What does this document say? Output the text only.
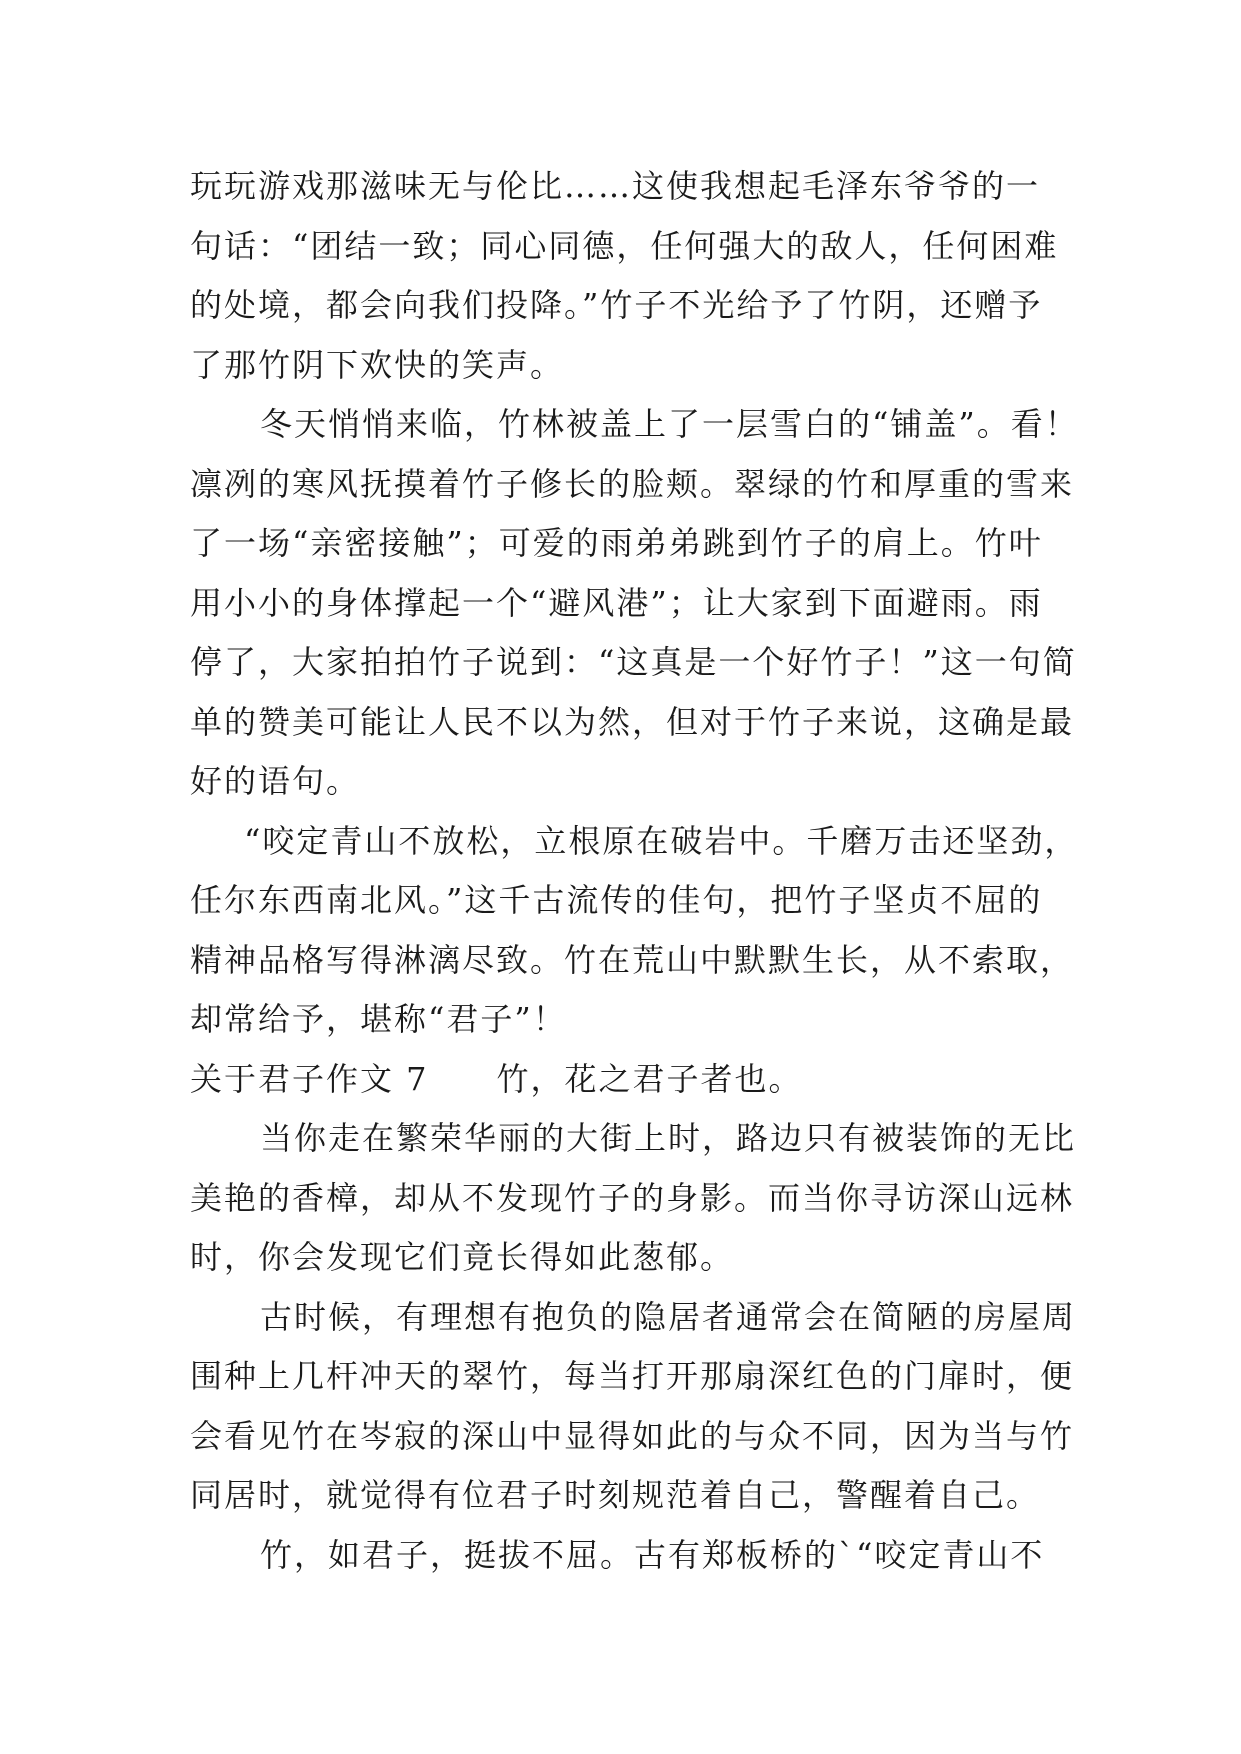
玩玩游戏那滋味无与伦比……这使我想起毛泽东爷爷的一
句话：“团结一致；同心同德，任何强大的敌人，任何困难
的处境，都会向我们投降。”竹子不光给予了竹阴，还赠予
了那竹阴下欢快的笑声。
冬天悄悄来临，竹林被盖上了一层雪白的“铺盖”。看！
凛冽的寒风抚摸着竹子修长的脸颊。翠绿的竹和厚重的雪来
了一场“亲密接触”；可爱的雨弟弟跳到竹子的肩上。竹叶
用小小的身体撑起一个“避风港”；让大家到下面避雨。雨
停了，大家拍拍竹子说到：“这真是一个好竹子！”这一句简
单的赞美可能让人民不以为然，但对于竹子来说，这确是最
好的语句。
“咬定青山不放松，立根原在破岩中。千磨万击还坚劲，
任尔东西南北风。”这千古流传的佳句，把竹子坚贞不屈的
精神品格写得淋漓尽致。竹在荒山中默默生长，从不索取，
却常给予，堪称“君子”！
关于君子作文 7　　竹，花之君子者也。
当你走在繁荣华丽的大街上时，路边只有被装饰的无比
美艳的香樟，却从不发现竹子的身影。而当你寻访深山远林
时，你会发现它们竟长得如此葱郁。
古时候，有理想有抱负的隐居者通常会在简陋的房屋周
围种上几杆冲天的翠竹，每当打开那扇深红色的门扉时，便
会看见竹在岑寂的深山中显得如此的与众不同，因为当与竹
同居时，就觉得有位君子时刻规范着自己，警醒着自己。
竹，如君子，挺拔不屈。古有郑板桥的`“咬定青山不
